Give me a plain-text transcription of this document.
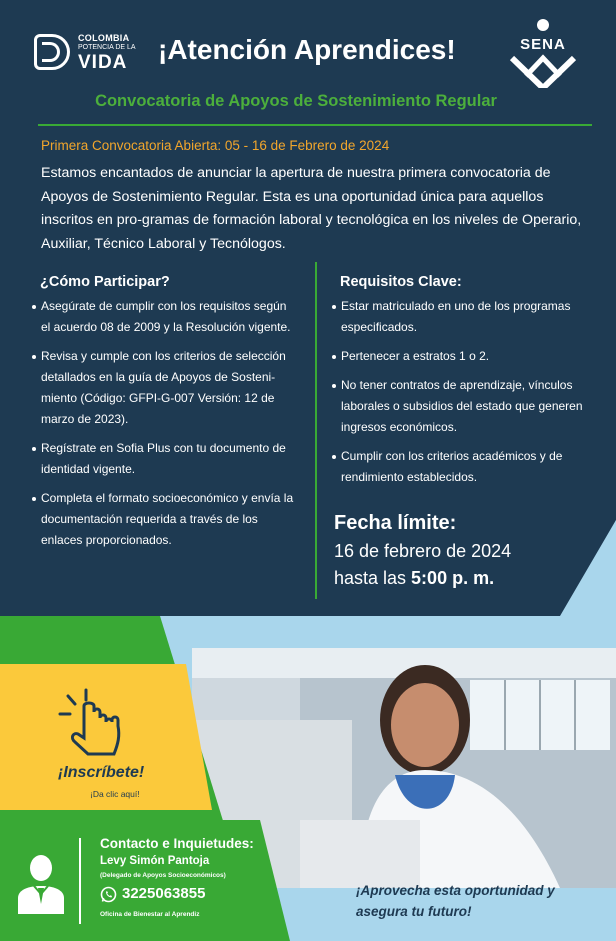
COLOMBIA
POTENCIA DE LA
VIDA ¡Atención Aprendices!	SENA
Convocatoria de Apoyos de Sostenimiento Regular
Primera Convocatoria Abierta: 05 - 16 de Febrero de 2024
Estamos encantados de anunciar la apertura de nuestra primera convocatoria de Apoyos de Sostenimiento Regular. Esta es una oportunidad única para aquellos inscritos en pro-gramas de formación laboral y tecnológica en los niveles de Operario, Auxiliar, Técnico Laboral y Tecnólogos.
¿Cómo Participar?
Asegúrate de cumplir con los requisitos según el acuerdo 08 de 2009 y la Resolución vigente.
Revisa y cumple con los criterios de selección detallados en la guía de Apoyos de Sosteni-miento (Código: GFPI-G-007 Versión: 12 de marzo de 2023).
Regístrate en Sofia Plus con tu documento de identidad vigente.
Completa el formato socioeconómico y envía la documentación requerida a través de los enlaces proporcionados.
Requisitos Clave:
Estar matriculado en uno de los programas especificados.
Pertenecer a estratos 1 o 2.
No tener contratos de aprendizaje, vínculos laborales o subsidios del estado que generen ingresos económicos.
Cumplir con los criterios académicos y de rendimiento establecidos.
Fecha límite:
16 de febrero de 2024
hasta las 5:00 p. m.
¡Inscríbete!
¡Da clic aquí!
Contacto e Inquietudes:
Levy Simón Pantoja
(Delegado de Apoyos Socioeconómicos)
3225063855
Oficina de Bienestar al Aprendiz
¡Aprovecha esta oportunidad y asegura tu futuro!
